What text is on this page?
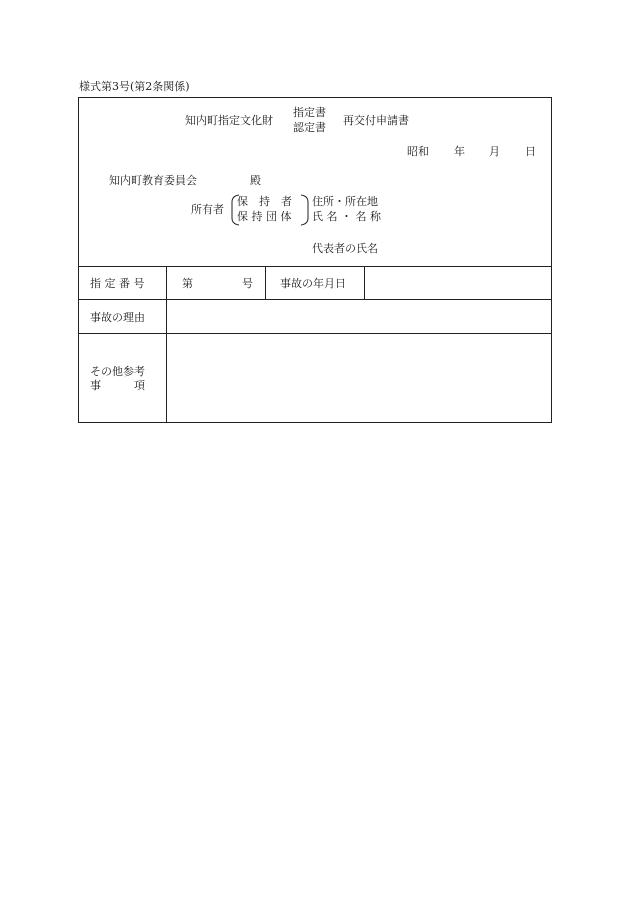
様式第3号(第2条関係)
知内町指定文化財
指定書
認定書
再交付申請書
昭和 年 月 日
知内町教育委員会	殿
所有者
保　持　者
保 持 団 体
住所・所在地
氏 名 ・ 名 称
代表者の氏名
指 定 番 号	第	号 事故の年月日
事故の理由
その他参考
事　　　項
